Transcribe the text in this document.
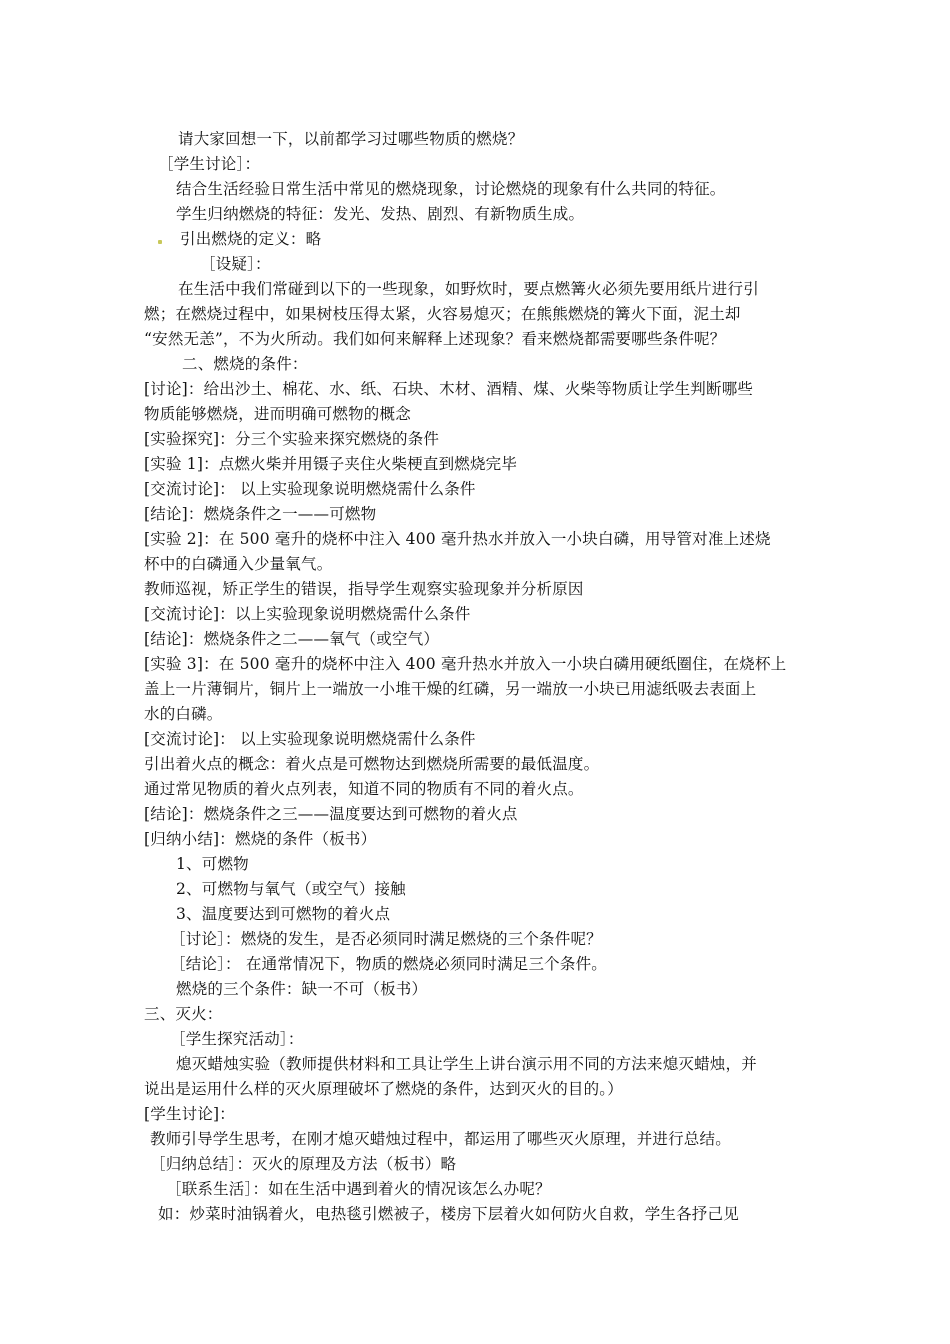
请大家回想一下，以前都学习过哪些物质的燃烧？
［学生讨论］：
结合生活经验日常生活中常见的燃烧现象，讨论燃烧的现象有什么共同的特征。
学生归纳燃烧的特征：发光、发热、剧烈、有新物质生成。
引出燃烧的定义：略
［设疑］：
在生活中我们常碰到以下的一些现象，如野炊时，要点燃篝火必须先要用纸片进行引
燃；在燃烧过程中，如果树枝压得太紧，火容易熄灭；在熊熊燃烧的篝火下面，泥土却
“安然无恙”，不为火所动。我们如何来解释上述现象？看来燃烧都需要哪些条件呢？
二、燃烧的条件：
[讨论]：给出沙土、棉花、水、纸、石块、木材、酒精、煤、火柴等物质让学生判断哪些
物质能够燃烧，进而明确可燃物的概念
[实验探究]：分三个实验来探究燃烧的条件
[实验 1]：点燃火柴并用镊子夹住火柴梗直到燃烧完毕
[交流讨论]： 以上实验现象说明燃烧需什么条件
[结论]：燃烧条件之一——可燃物
[实验 2]：在 500 毫升的烧杯中注入 400 毫升热水并放入一小块白磷，用导管对准上述烧
杯中的白磷通入少量氧气。
教师巡视，矫正学生的错误，指导学生观察实验现象并分析原因
[交流讨论]：以上实验现象说明燃烧需什么条件
[结论]：燃烧条件之二——氧气（或空气）
[实验 3]：在 500 毫升的烧杯中注入 400 毫升热水并放入一小块白磷用硬纸圈住，在烧杯上
盖上一片薄铜片，铜片上一端放一小堆干燥的红磷，另一端放一小块已用滤纸吸去表面上
水的白磷。
[交流讨论]： 以上实验现象说明燃烧需什么条件
引出着火点的概念：着火点是可燃物达到燃烧所需要的最低温度。
通过常见物质的着火点列表，知道不同的物质有不同的着火点。
[结论]：燃烧条件之三——温度要达到可燃物的着火点
[归纳小结]：燃烧的条件（板书）
1、可燃物
2、可燃物与氧气（或空气）接触
3、温度要达到可燃物的着火点
［讨论］：燃烧的发生，是否必须同时满足燃烧的三个条件呢？
［结论］： 在通常情况下，物质的燃烧必须同时满足三个条件。
燃烧的三个条件：缺一不可（板书）
三、灭火：
［学生探究活动］：
熄灭蜡烛实验（教师提供材料和工具让学生上讲台演示用不同的方法来熄灭蜡烛，并
说出是运用什么样的灭火原理破坏了燃烧的条件，达到灭火的目的。）
[学生讨论]：
教师引导学生思考，在刚才熄灭蜡烛过程中，都运用了哪些灭火原理，并进行总结。
［归纳总结］：灭火的原理及方法（板书）略
［联系生活］：如在生活中遇到着火的情况该怎么办呢？
如：炒菜时油锅着火，电热毯引燃被子，楼房下层着火如何防火自救，学生各抒己见
